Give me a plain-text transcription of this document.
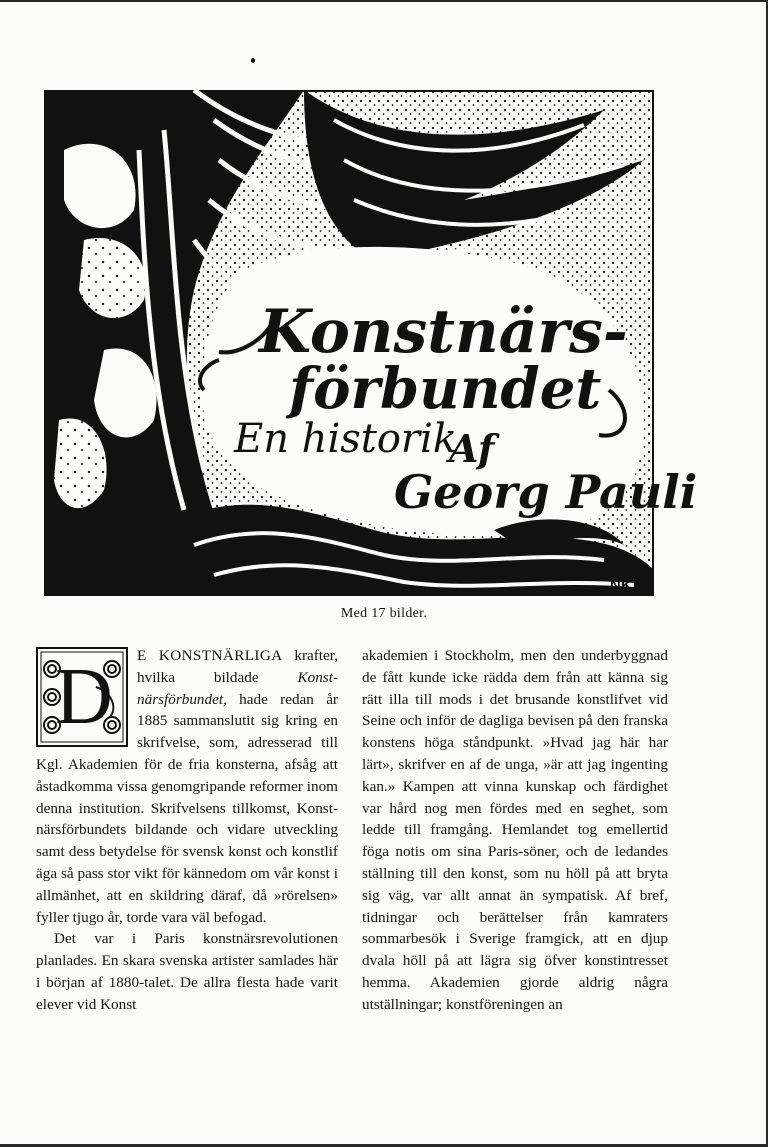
Konstnärs-
förbundet
En historik
Af
Georg Pauli
NK.
Med 17 bilder.
D	E KONSTNÄRLIGA krafter, hvilka bildade Konstnärsförbundet, hade redan år 1885 sammanslutit sig kring en skrifvelse, som, adresserad till Kgl. Akademien för de fria konsterna, afsåg att åstadkomma vissa genomgripande reformer inom denna institution. Skrifvelsens tillkomst, Konstnärsförbundets bildande och vidare utveckling samt dess betydelse för svensk konst och konstlif äga så pass stor vikt för kännedom om vår konst i allmänhet, att en skildring däraf, då »rörelsen» fyller tjugo år, torde vara väl befogad.

Det var i Paris konstnärsrevolutionen planlades. En skara svenska artister samlades här i början af 1880-talet. De allra flesta hade varit elever vid Konst

akademien i Stockholm, men den underbyggnad de fått kunde icke rädda dem från att känna sig rätt illa till mods i det brusande konstlifvet vid Seine och inför de dagliga bevisen på den franska konstens höga ståndpunkt. »Hvad jag här har lärt», skrifver en af de unga, »är att jag ingenting kan.» Kampen att vinna kunskap och färdighet var hård nog men fördes med en seghet, som ledde till framgång. Hemlandet tog emellertid föga notis om sina Paris-söner, och de ledandes ställning till den konst, som nu höll på att bryta sig väg, var allt annat än sympatisk. Af bref, tidningar och berättelser från kamraters sommarbesök i Sverige framgick, att en djup dvala höll på att lägra sig öfver konstintresset hemma. Akademien gjorde aldrig några utställningar; konstföreningen an
